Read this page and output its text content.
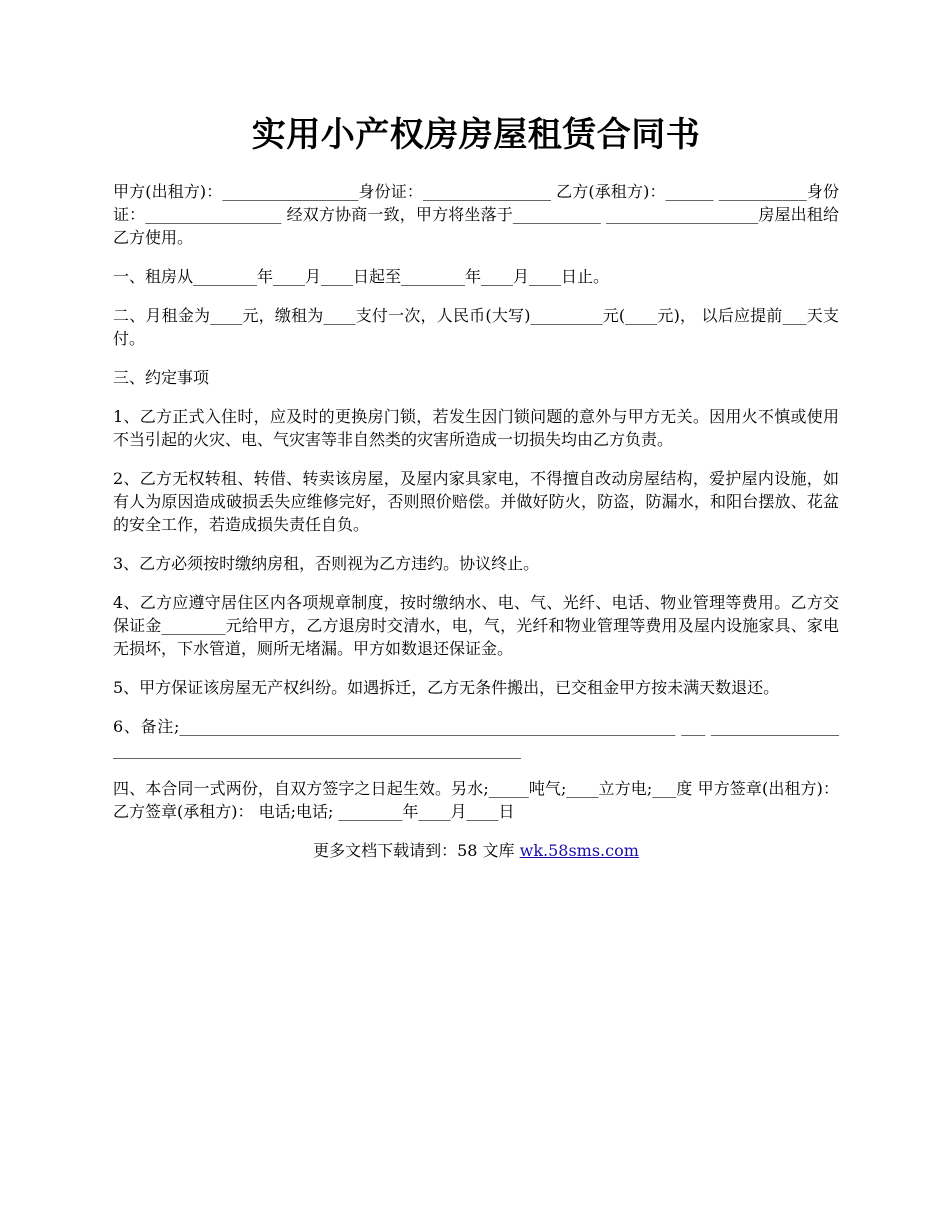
实用小产权房房屋租赁合同书

甲方(出租方)：_________________身份证：________________ 乙方(承租方)：______ ___________身份证：_________________ 经双方协商一致，甲方将坐落于___________ ___________________房屋出租给乙方使用。

一、租房从________年____月____日起至________年____月____日止。

二、月租金为____元，缴租为____支付一次，人民币(大写)_________元(____元)， 以后应提前___天支付。

三、约定事项

1、乙方正式入住时，应及时的更换房门锁，若发生因门锁问题的意外与甲方无关。因用火不慎或使用不当引起的火灾、电、气灾害等非自然类的灾害所造成一切损失均由乙方负责。

2、乙方无权转租、转借、转卖该房屋，及屋内家具家电，不得擅自改动房屋结构，爱护屋内设施，如有人为原因造成破损丢失应维修完好，否则照价赔偿。并做好防火，防盗，防漏水，和阳台摆放、花盆的安全工作，若造成损失责任自负。

3、乙方必须按时缴纳房租，否则视为乙方违约。协议终止。

4、乙方应遵守居住区内各项规章制度，按时缴纳水、电、气、光纤、电话、物业管理等费用。乙方交保证金________元给甲方，乙方退房时交清水，电，气，光纤和物业管理等费用及屋内设施家具、家电无损坏，下水管道，厕所无堵漏。甲方如数退还保证金。

5、甲方保证该房屋无产权纠纷。如遇拆迁，乙方无条件搬出，已交租金甲方按未满天数退还。

6、备注;______________________________________________________________ ___ ___________________________________________________________________

四、本合同一式两份，自双方签字之日起生效。另水;_____吨气;____立方电;___度 甲方签章(出租方)：乙方签章(承租方)： 电话;电话; ________年____月____日

更多文档下载请到：58 文库 wk.58sms.com
